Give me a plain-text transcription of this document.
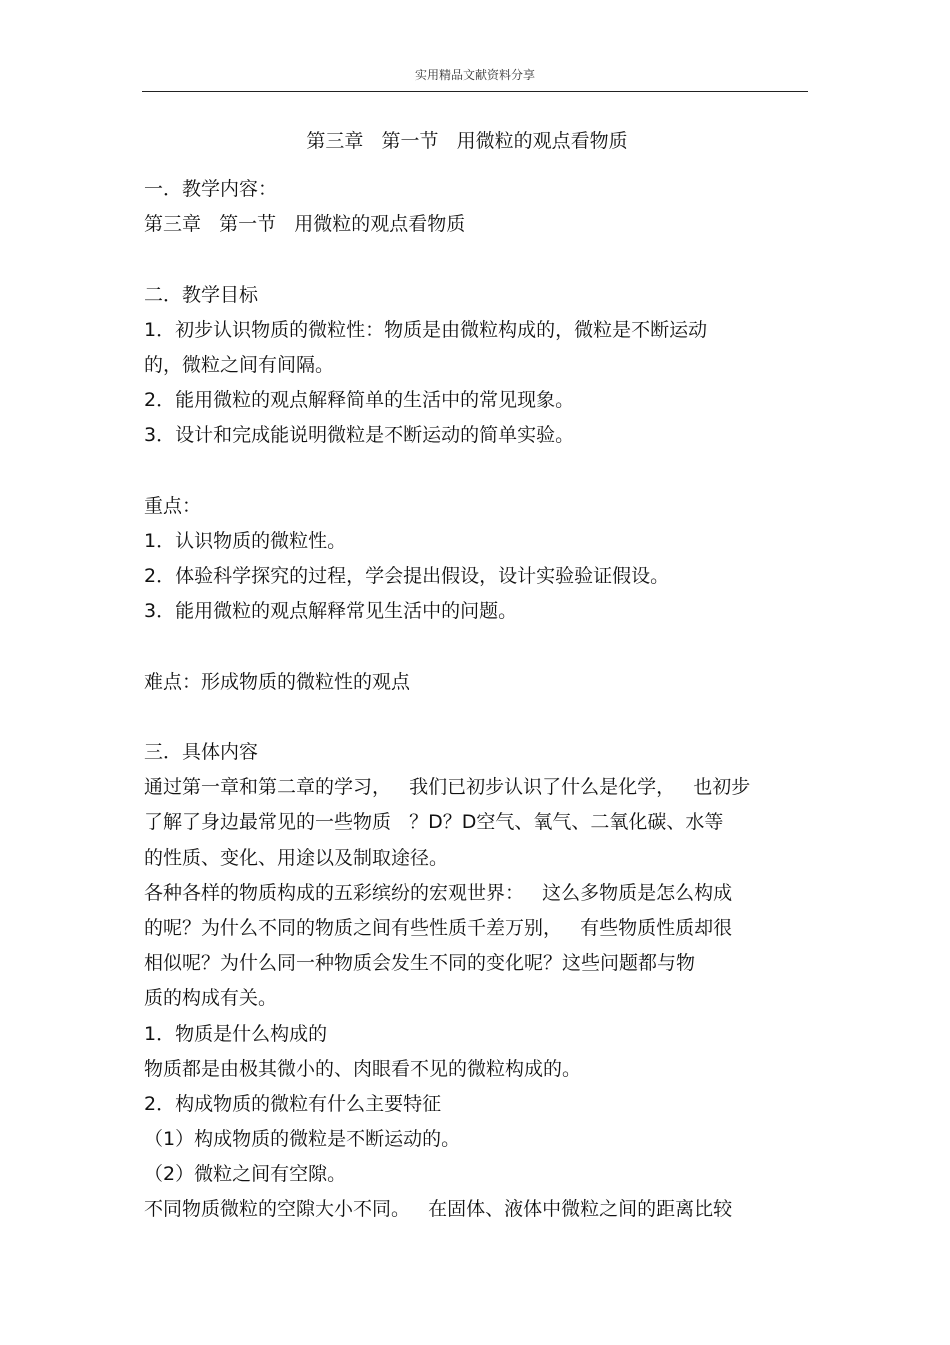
实用精品文献资料分享
第三章   第一节   用微粒的观点看物质
一．教学内容：
第三章   第一节   用微粒的观点看物质
二．教学目标
1．初步认识物质的微粒性：物质是由微粒构成的，微粒是不断运动
的，微粒之间有间隔。
2．能用微粒的观点解释简单的生活中的常见现象。
3．设计和完成能说明微粒是不断运动的简单实验。
重点：
1．认识物质的微粒性。
2．体验科学探究的过程，学会提出假设，设计实验验证假设。
3．能用微粒的观点解释常见生活中的问题。
难点：形成物质的微粒性的观点
三．具体内容
通过第一章和第二章的学习，   我们已初步认识了什么是化学，   也初步
了解了身边最常见的一些物质   ？D？D空气、氧气、二氧化碳、水等
的性质、变化、用途以及制取途径。
各种各样的物质构成的五彩缤纷的宏观世界：   这么多物质是怎么构成
的呢？为什么不同的物质之间有些性质千差万别，   有些物质性质却很
相似呢？为什么同一种物质会发生不同的变化呢？这些问题都与物
质的构成有关。
1．物质是什么构成的
物质都是由极其微小的、肉眼看不见的微粒构成的。
2．构成物质的微粒有什么主要特征
（1）构成物质的微粒是不断运动的。
（2）微粒之间有空隙。
不同物质微粒的空隙大小不同。   在固体、液体中微粒之间的距离比较
